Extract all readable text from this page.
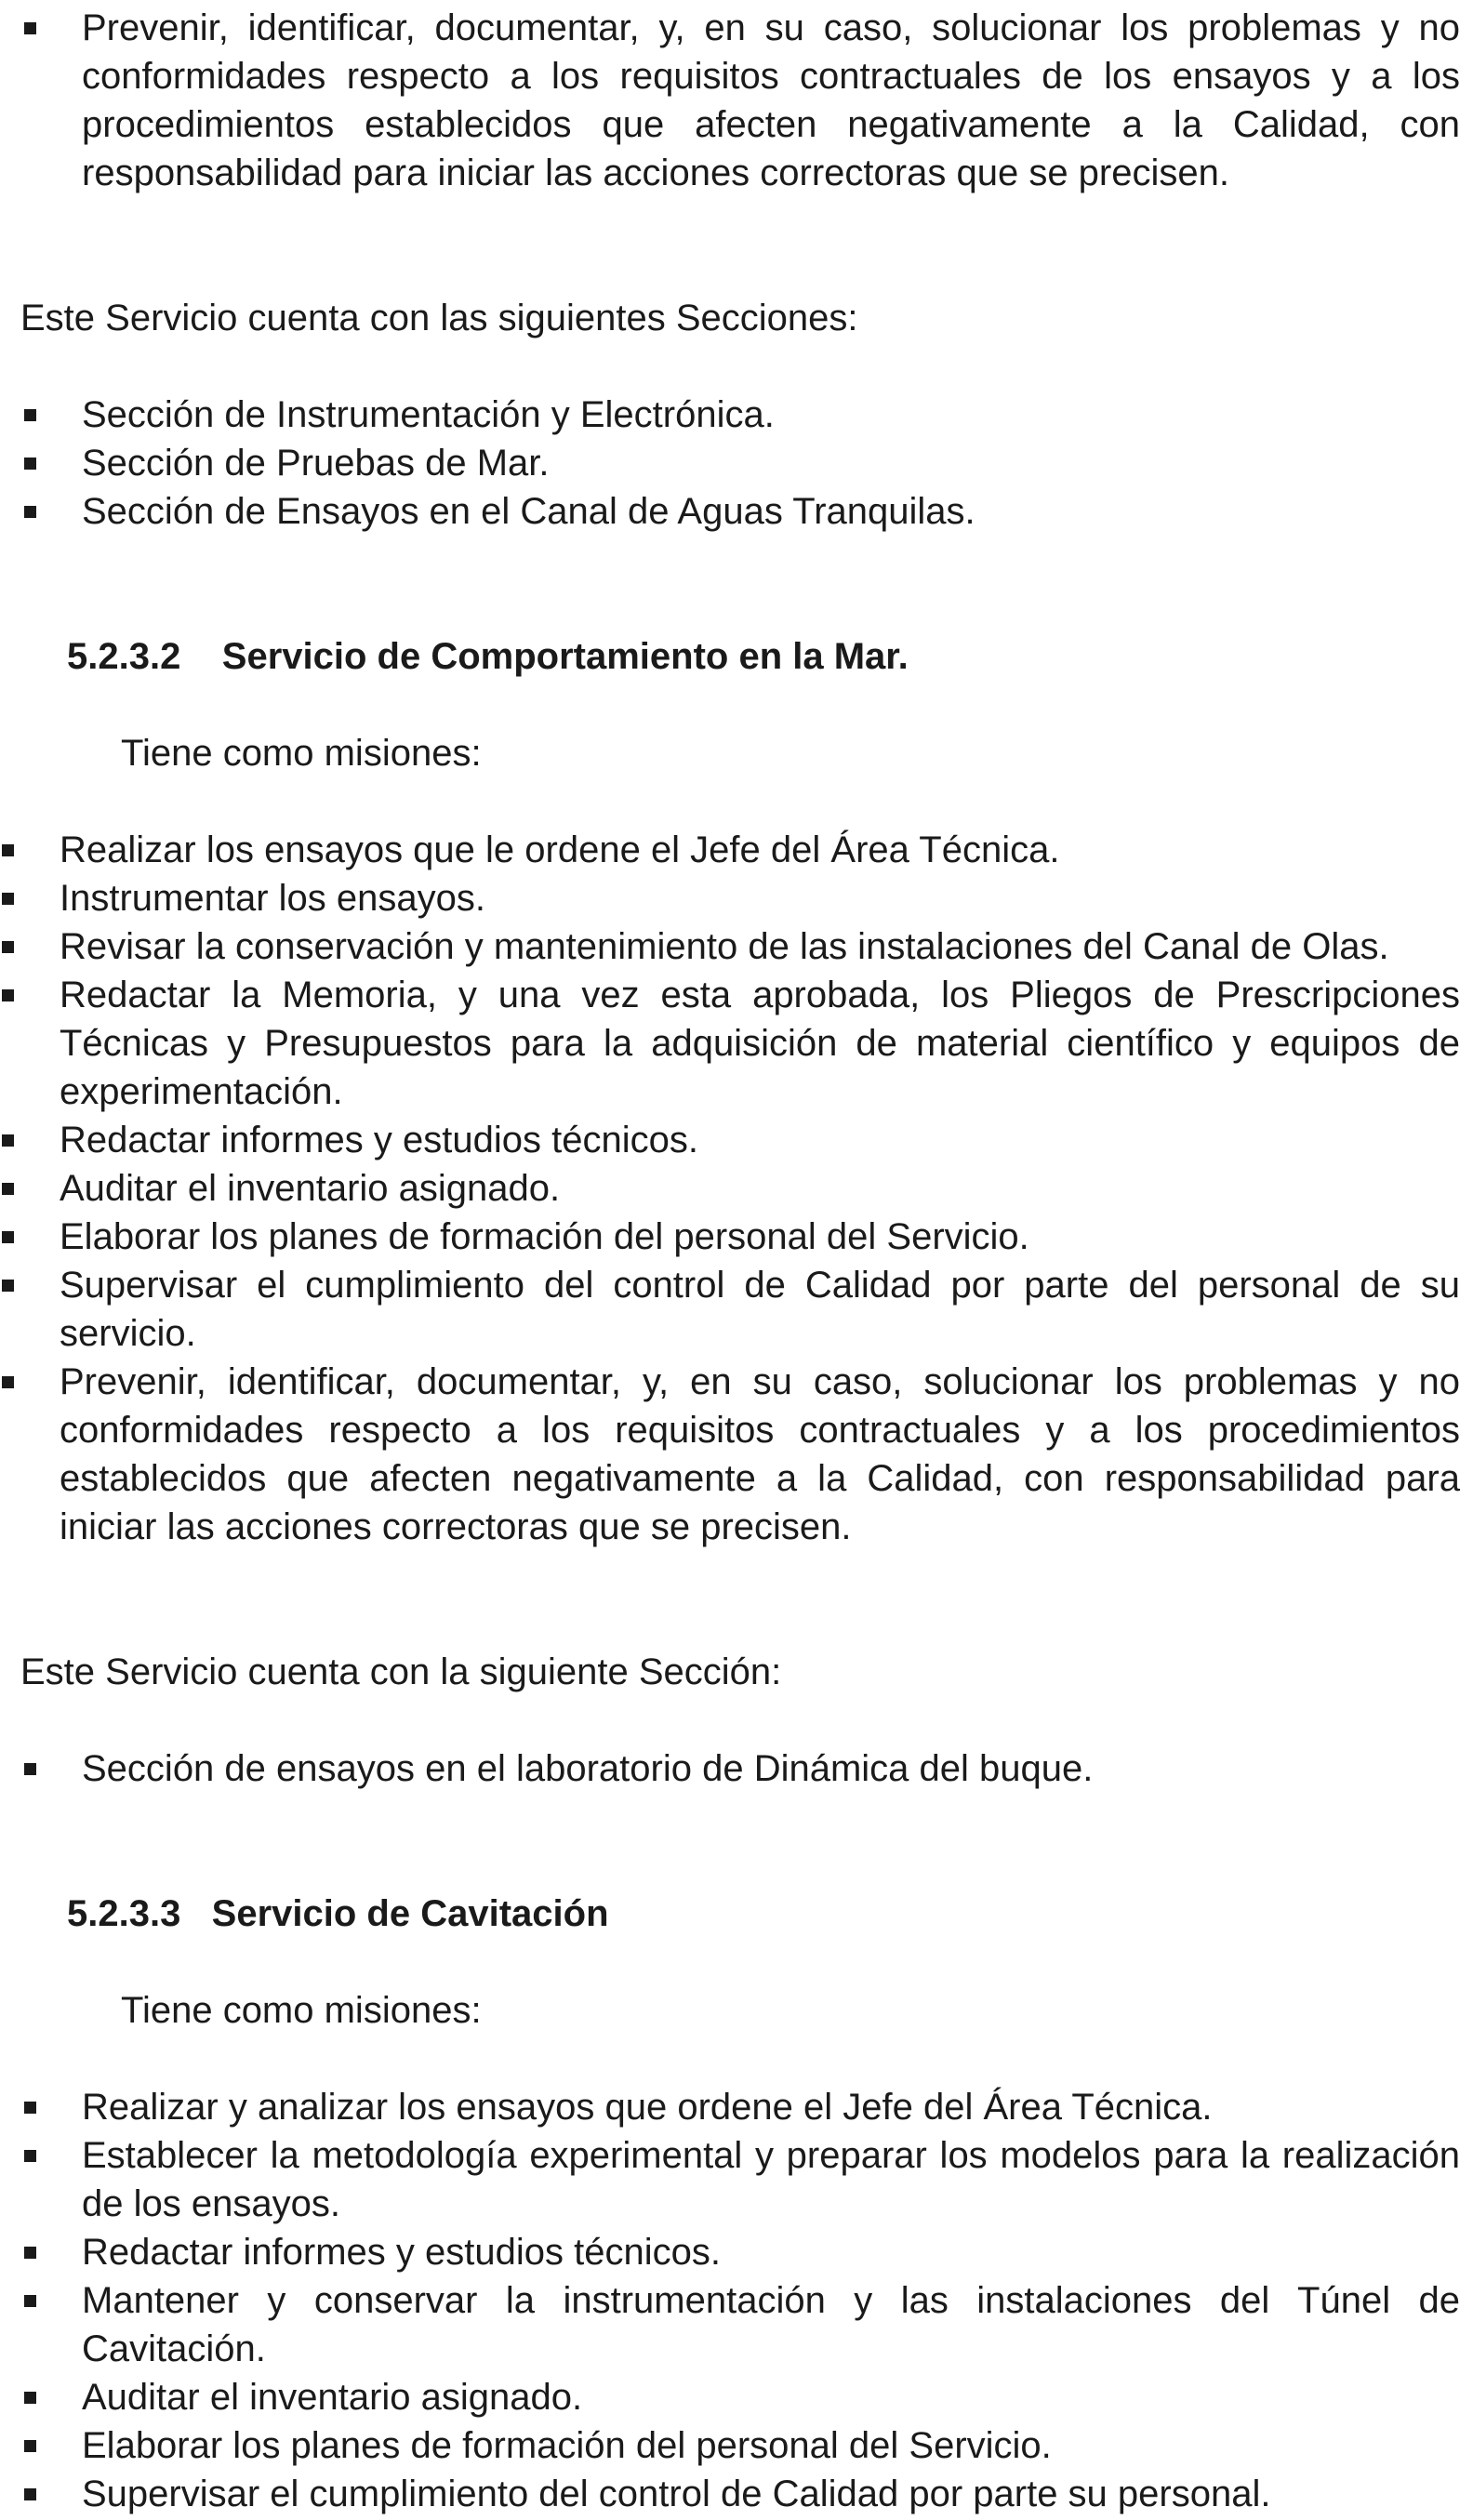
Prevenir, identificar, documentar, y, en su caso, solucionar los problemas y no conformidades respecto a los requisitos contractuales de los ensayos y a los procedimientos establecidos que afecten negativamente a la Calidad, con responsabilidad para iniciar las acciones correctoras que se precisen.
Este Servicio cuenta con las siguientes Secciones:
Sección de Instrumentación y Electrónica.
Sección de Pruebas de Mar.
Sección de Ensayos en el Canal de Aguas Tranquilas.
5.2.3.2 Servicio de Comportamiento en la Mar.
Tiene como misiones:
Realizar los ensayos que le ordene el Jefe del Área Técnica.
Instrumentar los ensayos.
Revisar la conservación y mantenimiento de las instalaciones del Canal de Olas.
Redactar la Memoria, y una vez esta aprobada, los Pliegos de Prescripciones Técnicas y Presupuestos para la adquisición de material científico y equipos de experimentación.
Redactar informes y estudios técnicos.
Auditar el inventario asignado.
Elaborar los planes de formación del personal del Servicio.
Supervisar el cumplimiento del control de Calidad por parte del personal de su servicio.
Prevenir, identificar, documentar, y, en su caso, solucionar los problemas y no conformidades respecto a los requisitos contractuales y a los procedimientos establecidos que afecten negativamente a la Calidad, con responsabilidad para iniciar las acciones correctoras que se precisen.
Este Servicio cuenta con la siguiente Sección:
Sección de ensayos en el laboratorio de Dinámica del buque.
5.2.3.3 Servicio de Cavitación
Tiene como misiones:
Realizar y analizar los ensayos que ordene el Jefe del Área Técnica.
Establecer la metodología experimental y preparar los modelos para la realización de los ensayos.
Redactar informes y estudios técnicos.
Mantener y conservar la instrumentación y las instalaciones del Túnel de Cavitación.
Auditar el inventario asignado.
Elaborar los planes de formación del personal del Servicio.
Supervisar el cumplimiento del control de Calidad por parte su personal.
